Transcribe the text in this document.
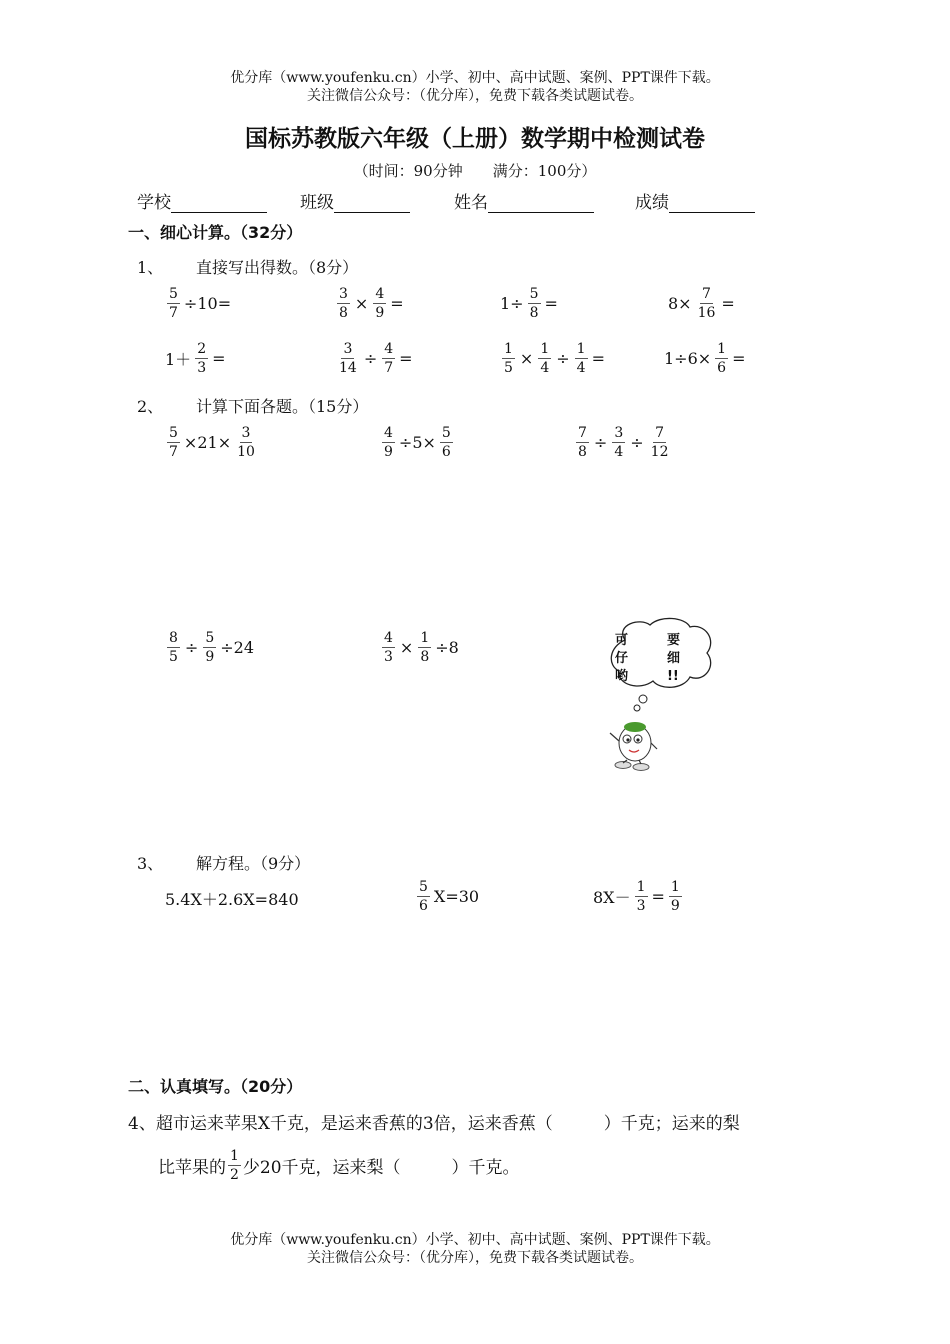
优分库（www.youfenku.cn）小学、初中、高中试题、案例、PPT课件下载。
关注微信公众号：（优分库），免费下载各类试题试卷。
国标苏教版六年级（上册）数学期中检测试卷
（时间：90分钟　　满分：100分）
学校	班级	姓名	成绩
一、细心计算。（32分）
1、 直接写出得数。（8分）
$\frac{5}{7} \div 10=$	$\frac{3}{8} \times \frac{4}{9}$ =	$1\div \frac{5}{8}$ =	$8\times \frac{7}{16}$ =
$1+ \frac{2}{3}$ =	$\frac{3}{14} \div \frac{4}{7}$ =	$\frac{1}{5} \times \frac{1}{4} \div \frac{1}{4}$ =	$1\div 6\times \frac{1}{6}$ =
2、 计算下面各题。（15分）
$\frac{5}{7} \times 21\times \frac{3}{10}$	$\frac{4}{9} \div 5\times \frac{5}{6}$	$\frac{7}{8} \div \frac{3}{4} \div \frac{7}{12}$
$\frac{8}{5} \div \frac{5}{9} \div 24$	$\frac{4}{3} \times \frac{1}{8} \div 8$	可
仔
哟
要
细
!!
3、 解方程。（9分）
5.4X＋2.6X=840	$\frac{5}{6} X=30$	$8X- \frac{1}{3} = \frac{1}{9}$
二、认真填写。（20分）
4、超市运来苹果X千克，是运来香蕉的3倍，运来香蕉（　　　）千克；运来的梨
比苹果的 $\frac{1}{2}$ 少20千克，运来梨（　　　）千克。
优分库（www.youfenku.cn）小学、初中、高中试题、案例、PPT课件下载。
关注微信公众号：（优分库），免费下载各类试题试卷。
